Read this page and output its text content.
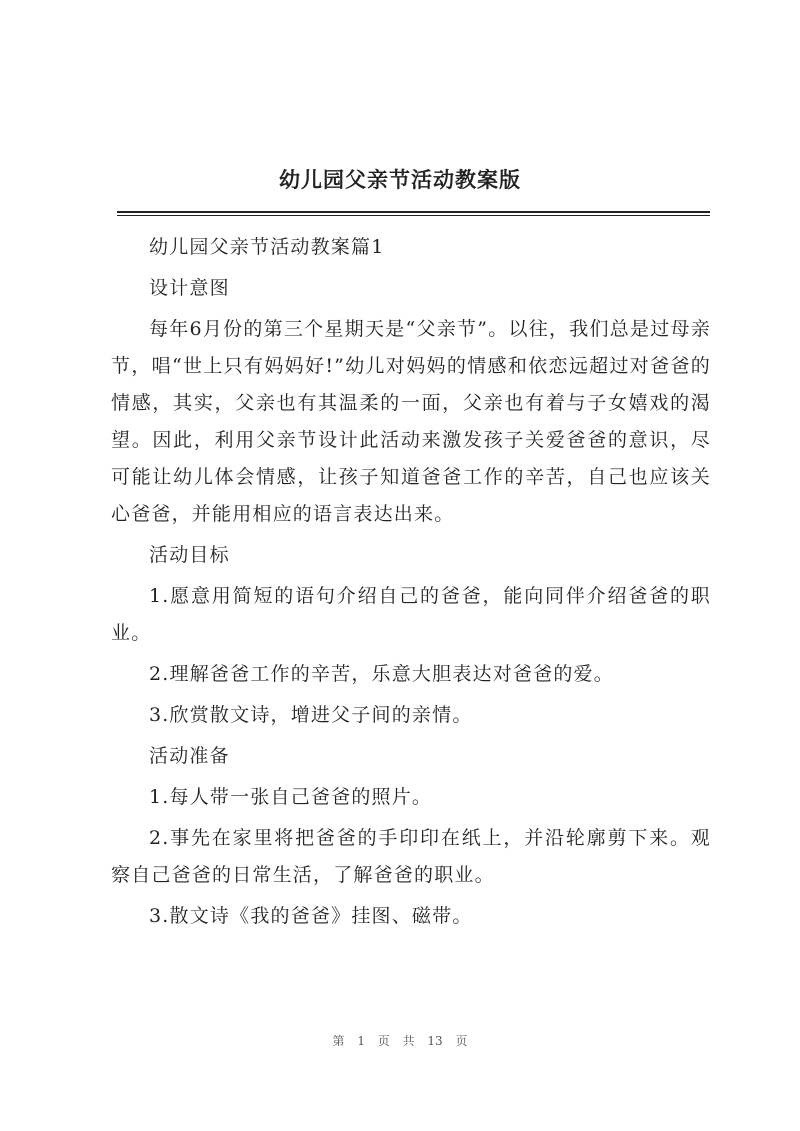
幼儿园父亲节活动教案版

幼儿园父亲节活动教案篇1

设计意图

每年6月份的第三个星期天是“父亲节”。以往，我们总是过母亲节，唱“世上只有妈妈好!”幼儿对妈妈的情感和依恋远超过对爸爸的情感，其实，父亲也有其温柔的一面，父亲也有着与子女嬉戏的渴望。因此，利用父亲节设计此活动来激发孩子关爱爸爸的意识，尽可能让幼儿体会情感，让孩子知道爸爸工作的辛苦，自己也应该关心爸爸，并能用相应的语言表达出来。

活动目标

1.愿意用简短的语句介绍自己的爸爸，能向同伴介绍爸爸的职业。

2.理解爸爸工作的辛苦，乐意大胆表达对爸爸的爱。

3.欣赏散文诗，增进父子间的亲情。

活动准备

1.每人带一张自己爸爸的照片。

2.事先在家里将把爸爸的手印印在纸上，并沿轮廓剪下来。观察自己爸爸的日常生活，了解爸爸的职业。

3.散文诗《我的爸爸》挂图、磁带。

第 1 页 共 13 页
